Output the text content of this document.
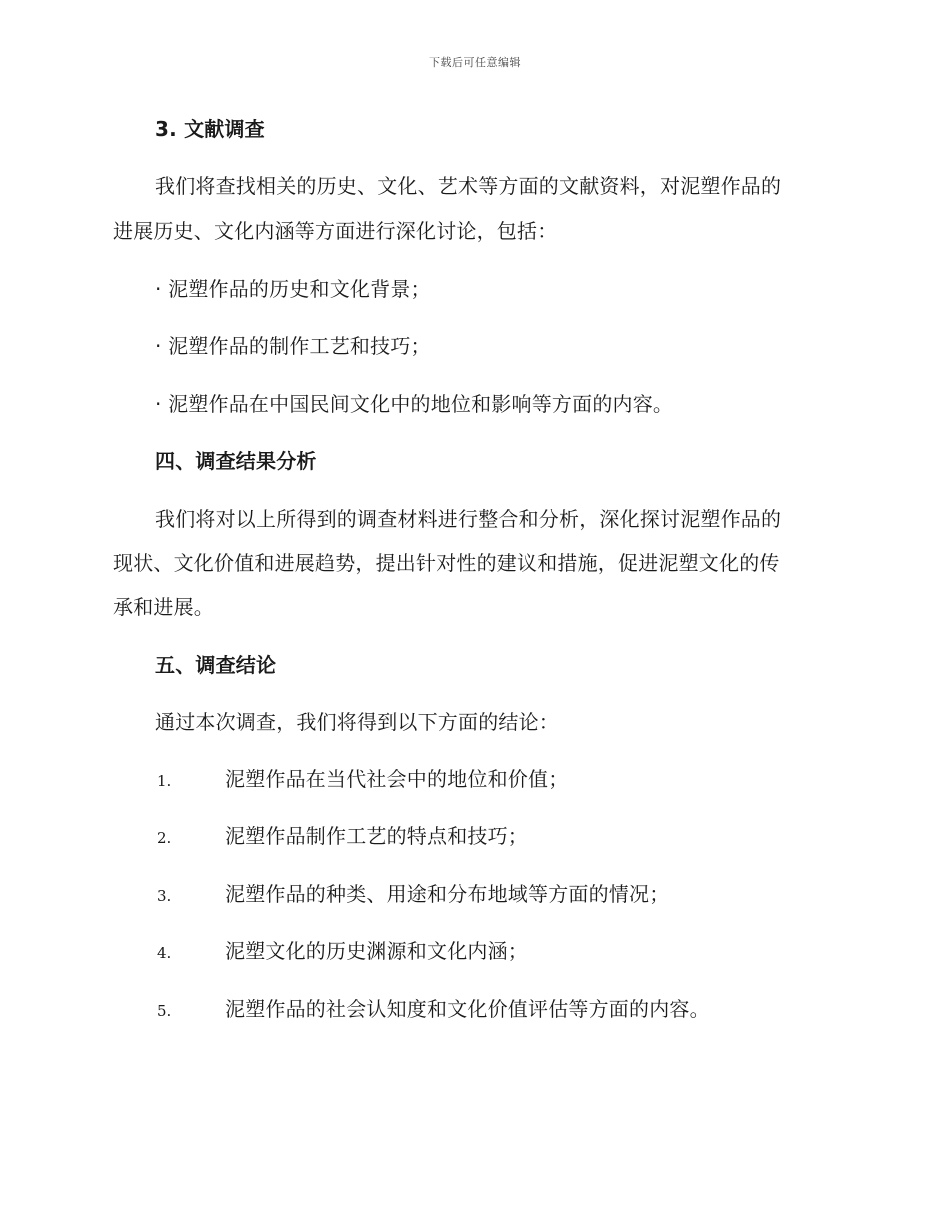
下载后可任意编辑
3. 文献调查
我们将查找相关的历史、文化、艺术等方面的文献资料，对泥塑作品的
进展历史、文化内涵等方面进行深化讨论，包括：
· 泥塑作品的历史和文化背景；
· 泥塑作品的制作工艺和技巧；
· 泥塑作品在中国民间文化中的地位和影响等方面的内容。
四、调查结果分析
我们将对以上所得到的调查材料进行整合和分析，深化探讨泥塑作品的
现状、文化价值和进展趋势，提出针对性的建议和措施，促进泥塑文化的传
承和进展。
五、调查结论
通过本次调查，我们将得到以下方面的结论：
1.	泥塑作品在当代社会中的地位和价值；
2.	泥塑作品制作工艺的特点和技巧；
3.	泥塑作品的种类、用途和分布地域等方面的情况；
4.	泥塑文化的历史渊源和文化内涵；
5.	泥塑作品的社会认知度和文化价值评估等方面的内容。
